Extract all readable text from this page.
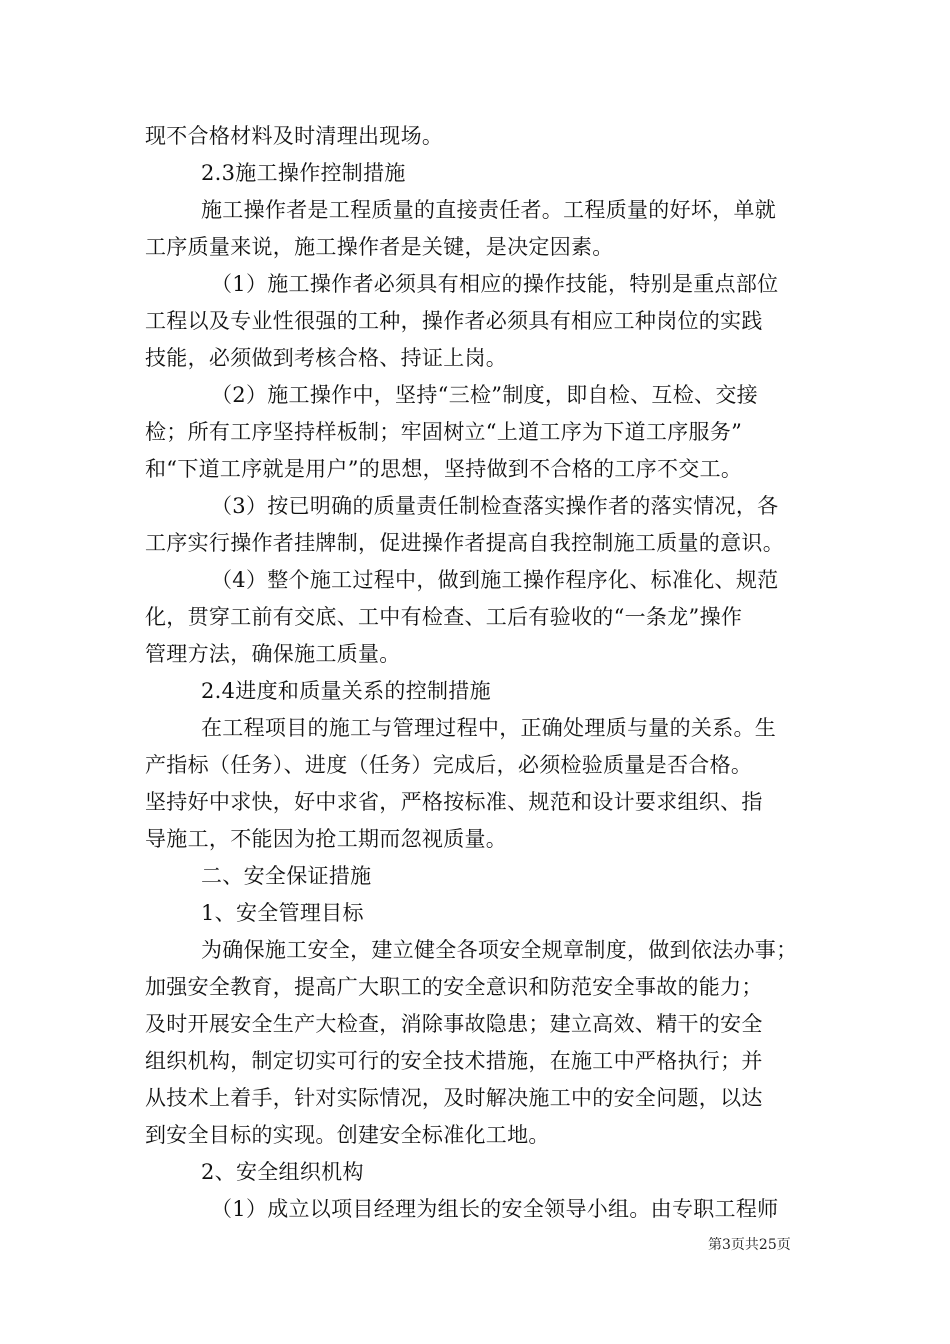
现不合格材料及时清理出现场。
2.3施工操作控制措施
施工操作者是工程质量的直接责任者。工程质量的好坏，单就
工序质量来说，施工操作者是关键，是决定因素。
（1）施工操作者必须具有相应的操作技能，特别是重点部位
工程以及专业性很强的工种，操作者必须具有相应工种岗位的实践
技能，必须做到考核合格、持证上岗。
（2）施工操作中，坚持“三检”制度，即自检、互检、交接
检；所有工序坚持样板制；牢固树立“上道工序为下道工序服务”
和“下道工序就是用户”的思想，坚持做到不合格的工序不交工。
（3）按已明确的质量责任制检查落实操作者的落实情况，各
工序实行操作者挂牌制，促进操作者提高自我控制施工质量的意识。
（4）整个施工过程中，做到施工操作程序化、标准化、规范
化，贯穿工前有交底、工中有检查、工后有验收的“一条龙”操作
管理方法，确保施工质量。
2.4进度和质量关系的控制措施
在工程项目的施工与管理过程中，正确处理质与量的关系。生
产指标（任务）、进度（任务）完成后，必须检验质量是否合格。
坚持好中求快，好中求省，严格按标准、规范和设计要求组织、指
导施工，不能因为抢工期而忽视质量。
二、安全保证措施
1、安全管理目标
为确保施工安全，建立健全各项安全规章制度，做到依法办事；
加强安全教育，提高广大职工的安全意识和防范安全事故的能力；
及时开展安全生产大检查，消除事故隐患；建立高效、精干的安全
组织机构，制定切实可行的安全技术措施，在施工中严格执行；并
从技术上着手，针对实际情况，及时解决施工中的安全问题，以达
到安全目标的实现。创建安全标准化工地。
2、安全组织机构
（1）成立以项目经理为组长的安全领导小组。由专职工程师
第3页共25页
